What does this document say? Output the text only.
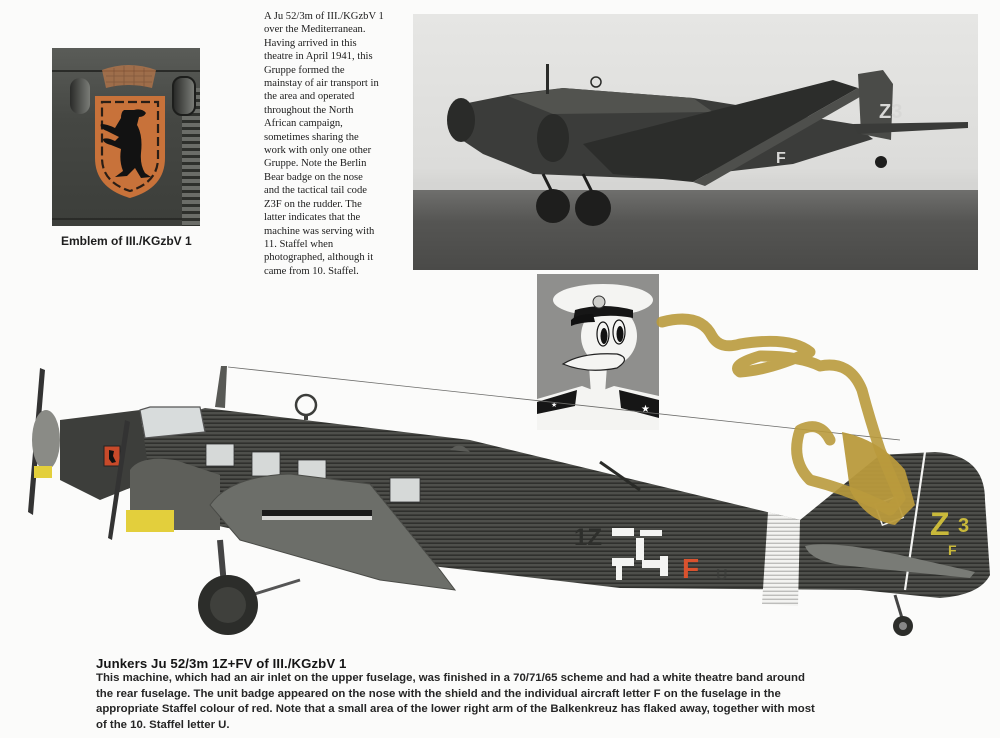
Emblem of III./KGzbV 1
A Ju 52/3m of III./KGzbV 1
over the Mediterranean.
Having arrived in this
theatre in April 1941, this
Gruppe formed the
mainstay of air transport in
the area and operated
throughout the North
African campaign,
sometimes sharing the
work with only one other
Gruppe. Note the Berlin
Bear badge on the nose
and the tactical tail code
Z3F on the rudder. The
latter indicates that the
machine was serving with
11. Staffel when
photographed, although it
came from 10. Staffel.
F
Z3
★
★
1Z
F U
Z 3
F
Junkers Ju 52/3m 1Z+FV of III./KGzbV 1
This machine, which had an air inlet on the upper fuselage, was finished in a 70/71/65 scheme and had a white theatre band around
the rear fuselage. The unit badge appeared on the nose with the shield and the individual aircraft letter F on the fuselage in the
appropriate Staffel colour of red. Note that a small area of the lower right arm of the Balkenkreuz has flaked away, together with most
of the 10. Staffel letter U.
